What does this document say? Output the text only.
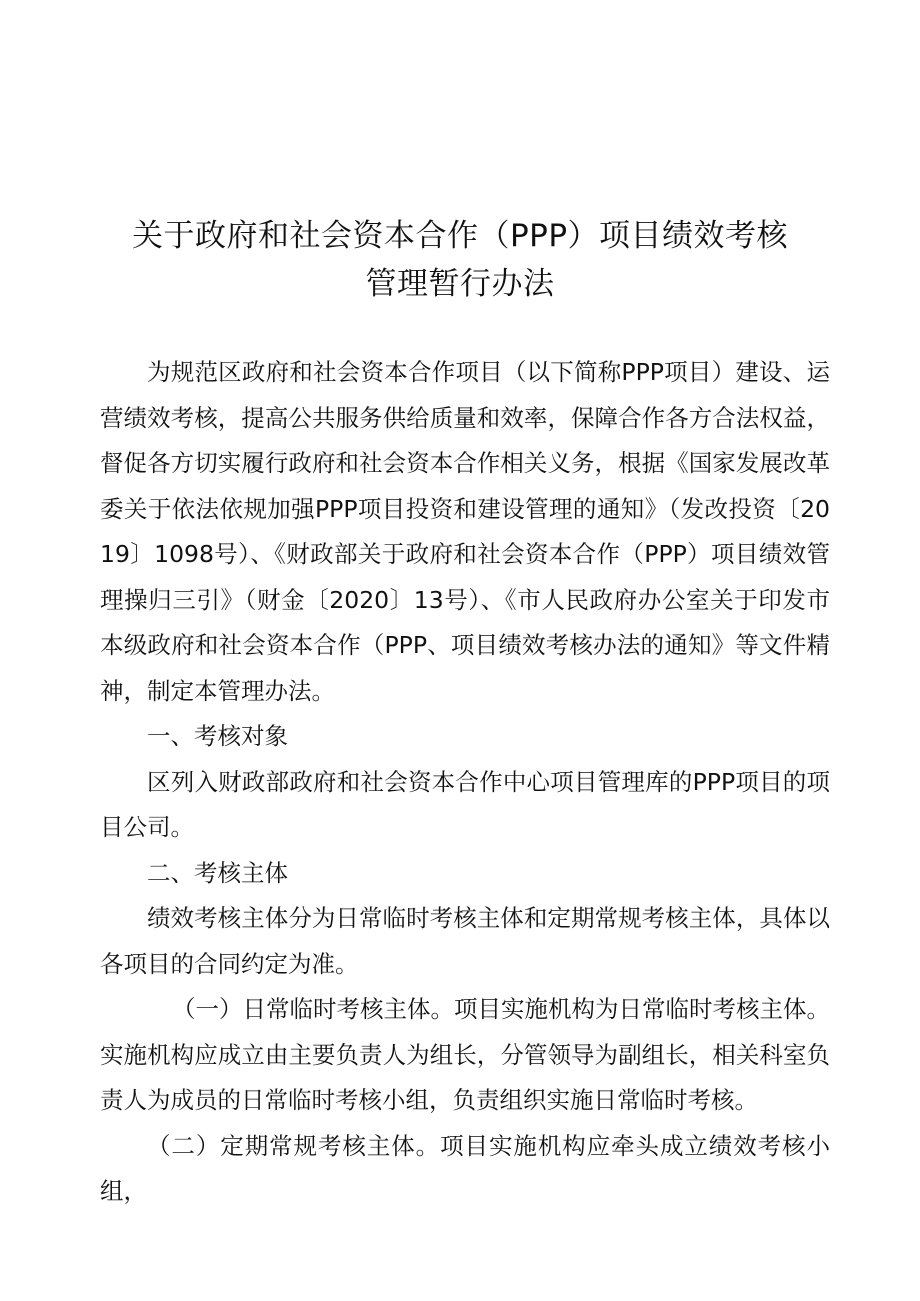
关于政府和社会资本合作（PPP）项目绩效考核
管理暂行办法

为规范区政府和社会资本合作项目（以下简称PPP项目）建设、运营绩效考核，提高公共服务供给质量和效率，保障合作各方合法权益，督促各方切实履行政府和社会资本合作相关义务，根据《国家发展改革委关于依法依规加强PPP项目投资和建设管理的通知》（发改投资〔2019〕1098号）、《财政部关于政府和社会资本合作（PPP）项目绩效管理操归三引》（财金〔2020〕13号）、《市人民政府办公室关于印发市本级政府和社会资本合作（PPP、项目绩效考核办法的通知》等文件精神，制定本管理办法。

一、考核对象

区列入财政部政府和社会资本合作中心项目管理库的PPP项目的项目公司。

二、考核主体

绩效考核主体分为日常临时考核主体和定期常规考核主体，具体以各项目的合同约定为准。

（一）日常临时考核主体。项目实施机构为日常临时考核主体。实施机构应成立由主要负责人为组长，分管领导为副组长，相关科室负责人为成员的日常临时考核小组，负责组织实施日常临时考核。

（二）定期常规考核主体。项目实施机构应牵头成立绩效考核小组，
